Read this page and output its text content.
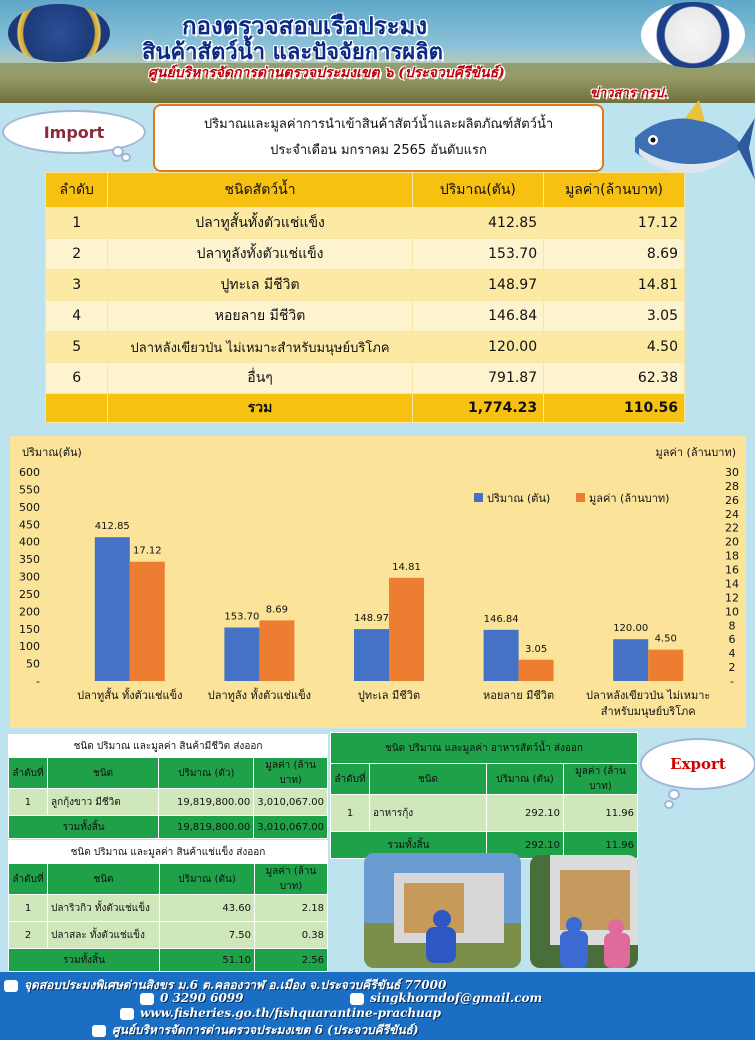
กองตรวจสอบเรือประมง
สินค้าสัตว์น้ำ และปัจจัยการผลิต
ศูนย์บริหารจัดการด่านตรวจประมงเขต ๖ (ประจวบคีรีขันธ์)
ข่าวสาร กรป.
Import	ปริมาณและมูลค่าการนำเข้าสินค้าสัตว์น้ำและผลิตภัณฑ์สัตว์น้ำ
ประจำเดือน มกราคม 2565 อันดับแรก
ลำดับ	ชนิดสัตว์น้ำ	ปริมาณ(ตัน)	มูลค่า(ล้านบาท)
1	ปลาทูสั้นทั้งตัวแช่แข็ง	412.85	17.12
2	ปลาทูลังทั้งตัวแช่แข็ง	153.70	8.69
3	ปูทะเล มีชีวิต	148.97	14.81
4	หอยลาย มีชีวิต	146.84	3.05
5	ปลาหลังเขียวป่น ไม่เหมาะสำหรับมนุษย์บริโภค	120.00	4.50
6	อื่นๆ	791.87	62.38
	รวม	1,774.23	110.56
ปริมาณ(ตัน)	มูลค่า (ล้านบาท)
-
50
100
150
200
250
300
350
400
450
500
550
600
-
2
4
6
8
10
12
14
16
18
20
22
24
26
28
30
412.85
17.12
ปลาทูสั้น ทั้งตัวแช่แข็ง
153.70
8.69
ปลาทูลัง ทั้งตัวแช่แข็ง
148.97
14.81
ปูทะเล มีชีวิต
146.84
3.05
หอยลาย มีชีวิต
120.00
4.50
ปลาหลังเขียวป่น ไม่เหมาะ
สำหรับมนุษย์บริโภค
ปริมาณ (ตัน)	มูลค่า (ล้านบาท)
ชนิด ปริมาณ และมูลค่า สินค้ามีชีวิต ส่งออก			
ลำดับที่	ชนิด	ปริมาณ (ตัว)	มูลค่า (ล้านบาท)
1	ลูกกุ้งขาว มีชีวิต	19,819,800.00	3,010,067.00
รวมทั้งสิ้น		19,819,800.00	3,010,067.00
ชนิด ปริมาณ และมูลค่า สินค้าแช่แข็ง ส่งออก			
ลำดับที่	ชนิด	ปริมาณ (ตัน)	มูลค่า (ล้านบาท)
1	ปลาริวกิว ทั้งตัวแช่แข็ง	43.60	2.18
2	ปลาสละ ทั้งตัวแช่แข็ง	7.50	0.38
รวมทั้งสิ้น		51.10	2.56
ชนิด ปริมาณ และมูลค่า อาหารสัตว์น้ำ ส่งออก			
ลำดับที่	ชนิด	ปริมาณ (ตัน)	มูลค่า (ล้านบาท)
1	อาหารกุ้ง	292.10	11.96
รวมทั้งสิ้น		292.10	11.96
Export
จุดสอบประมงพิเศษด่านสิงขร ม.6 ต.คลองวาฬ อ.เมือง จ.ประจวบคีรีขันธ์ 77000
0 3290 6099	singkhorndof@gmail.com
www.fisheries.go.th/fishquarantine-prachuap
ศูนย์บริหารจัดการด่านตรวจประมงเขต 6 (ประจวบคีรีขันธ์)
